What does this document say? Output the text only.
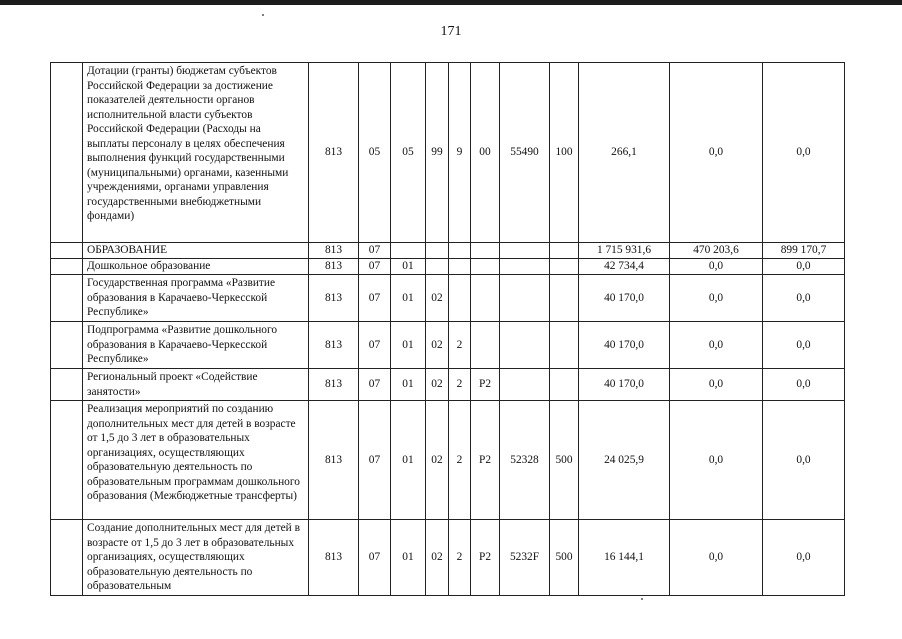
171
	Дотации (гранты) бюджетам субъектов Российской Федерации за достижение показателей деятельности органов исполнительной власти субъектов Российской Федерации (Расходы на выплаты персоналу в целях обеспечения выполнения функций государственными (муниципальными) органами, казенными учреждениями, органами управления государственными внебюджетными фондами)	813	05	05	99	9	00	55490	100	266,1	0,0	0,0
	ОБРАЗОВАНИЕ	813	07							1 715 931,6	470 203,6	899 170,7
	Дошкольное образование	813	07	01						42 734,4	0,0	0,0
	Государственная программа «Развитие образования в Карачаево-Черкесской Республике»	813	07	01	02					40 170,0	0,0	0,0
	Подпрограмма «Развитие дошкольного образования в Карачаево-Черкесской Республике»	813	07	01	02	2				40 170,0	0,0	0,0
	Региональный проект «Содействие занятости»	813	07	01	02	2	P2			40 170,0	0,0	0,0
	Реализация мероприятий по созданию дополнительных мест для детей в возрасте от 1,5 до 3 лет в образовательных организациях, осуществляющих образовательную деятельность по образовательным программам дошкольного образования (Межбюджетные трансферты)	813	07	01	02	2	P2	52328	500	24 025,9	0,0	0,0
	Создание дополнительных мест для детей в возрасте от 1,5 до 3 лет в образовательных организациях, осуществляющих образовательную деятельность по образовательным	813	07	01	02	2	P2	5232F	500	16 144,1	0,0	0,0
